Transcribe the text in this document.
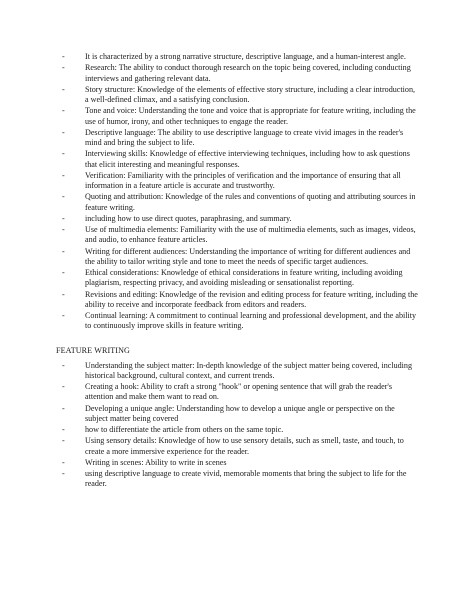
-	It is characterized by a strong narrative structure, descriptive language, and a human-interest angle.
-	Research: The ability to conduct thorough research on the topic being covered, including conducting interviews and gathering relevant data.
-	Story structure: Knowledge of the elements of effective story structure, including a clear introduction, a well-defined climax, and a satisfying conclusion.
-	Tone and voice: Understanding the tone and voice that is appropriate for feature writing, including the use of humor, irony, and other techniques to engage the reader.
-	Descriptive language: The ability to use descriptive language to create vivid images in the reader's mind and bring the subject to life.
-	Interviewing skills: Knowledge of effective interviewing techniques, including how to ask questions that elicit interesting and meaningful responses.
-	Verification: Familiarity with the principles of verification and the importance of ensuring that all information in a feature article is accurate and trustworthy.
-	Quoting and attribution: Knowledge of the rules and conventions of quoting and attributing sources in feature writing.
-	including how to use direct quotes, paraphrasing, and summary.
-	Use of multimedia elements: Familiarity with the use of multimedia elements, such as images, videos, and audio, to enhance feature articles.
-	Writing for different audiences: Understanding the importance of writing for different audiences and the ability to tailor writing style and tone to meet the needs of specific target audiences.
-	Ethical considerations: Knowledge of ethical considerations in feature writing, including avoiding plagiarism, respecting privacy, and avoiding misleading or sensationalist reporting.
-	Revisions and editing: Knowledge of the revision and editing process for feature writing, including the ability to receive and incorporate feedback from editors and readers.
-	Continual learning: A commitment to continual learning and professional development, and the ability to continuously improve skills in feature writing.
FEATURE WRITING
-	Understanding the subject matter: In-depth knowledge of the subject matter being covered, including historical background, cultural context, and current trends.
-	Creating a hook: Ability to craft a strong "hook" or opening sentence that will grab the reader's attention and make them want to read on.
-	Developing a unique angle: Understanding how to develop a unique angle or perspective on the subject matter being covered
-	how to differentiate the article from others on the same topic.
-	Using sensory details: Knowledge of how to use sensory details, such as smell, taste, and touch, to create a more immersive experience for the reader.
-	Writing in scenes: Ability to write in scenes
-	using descriptive language to create vivid, memorable moments that bring the subject to life for the reader.
